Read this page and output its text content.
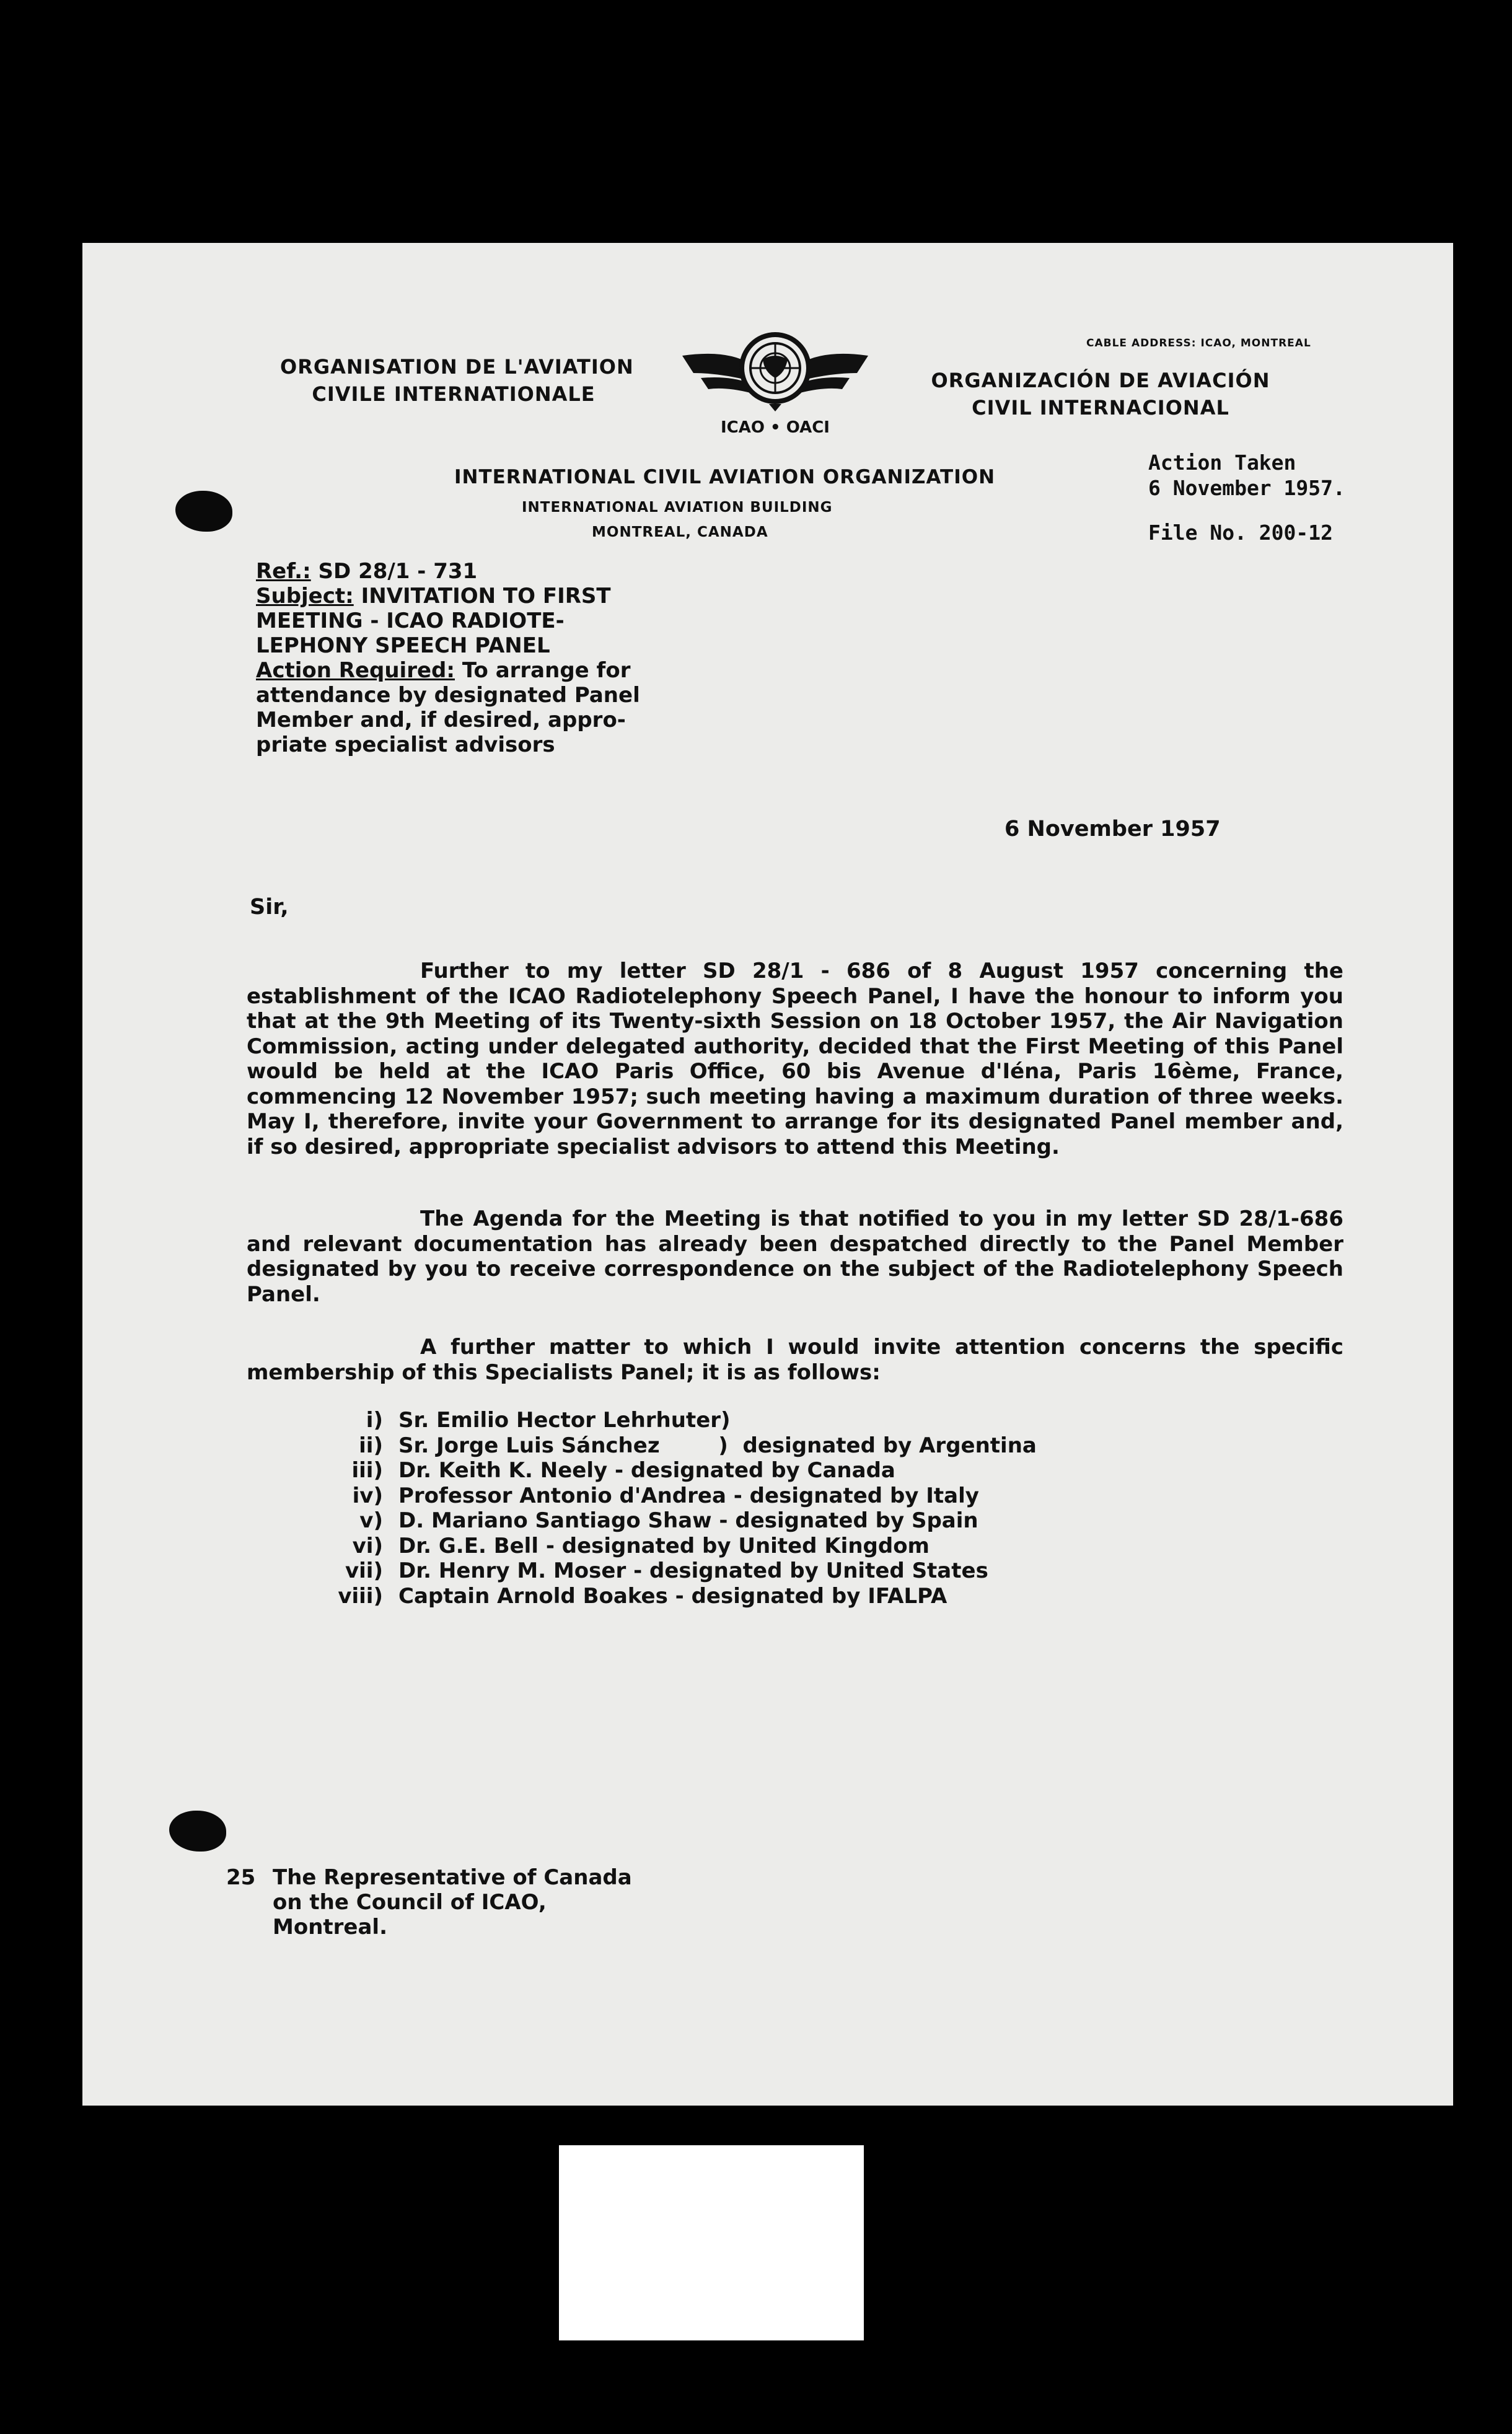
ORGANISATION DE L'AVIATION
CIVILE INTERNATIONALE
CABLE ADDRESS: ICAO, MONTREAL
ORGANIZACIÓN DE AVIACIÓN
CIVIL INTERNACIONAL
ICAO • OACI
INTERNATIONAL CIVIL AVIATION ORGANIZATION
INTERNATIONAL AVIATION BUILDING
MONTREAL, CANADA
Action Taken
6 November 1957.
File No. 200-12
Ref.: SD 28/1 - 731
Subject: INVITATION TO FIRST
MEETING - ICAO RADIOTE-
LEPHONY SPEECH PANEL
Action Required: To arrange for
attendance by designated Panel
Member and, if desired, appro-
priate specialist advisors
6 November 1957
Sir,

Further to my letter SD 28/1 - 686 of 8 August 1957 concerning the establishment of the ICAO Radiotelephony Speech Panel, I have the honour to inform you that at the 9th Meeting of its Twenty-sixth Session on 18 October 1957, the Air Navigation Commission, acting under delegated authority, decided that the First Meeting of this Panel would be held at the ICAO Paris Office, 60 bis Avenue d'Iéna, Paris 16ème, France, commencing 12 November 1957; such meeting having a maximum duration of three weeks. May I, therefore, invite your Government to arrange for its designated Panel member and, if so desired, appropriate specialist advisors to attend this Meeting.

The Agenda for the Meeting is that notified to you in my letter SD 28/1-686 and relevant documentation has already been despatched directly to the Panel Member designated by you to receive correspondence on the subject of the Radiotelephony Speech Panel.

A further matter to which I would invite attention concerns the specific membership of this Specialists Panel; it is as follows:

i) Sr. Emilio Hector Lehrhuter)
ii) Sr. Jorge Luis Sánchez        )  designated by Argentina
iii) Dr. Keith K. Neely - designated by Canada
iv) Professor Antonio d'Andrea - designated by Italy
v) D. Mariano Santiago Shaw - designated by Spain
vi) Dr. G.E. Bell - designated by United Kingdom
vii) Dr. Henry M. Moser - designated by United States
viii) Captain Arnold Boakes - designated by IFALPA
25 The Representative of Canada
on the Council of ICAO,
Montreal.
